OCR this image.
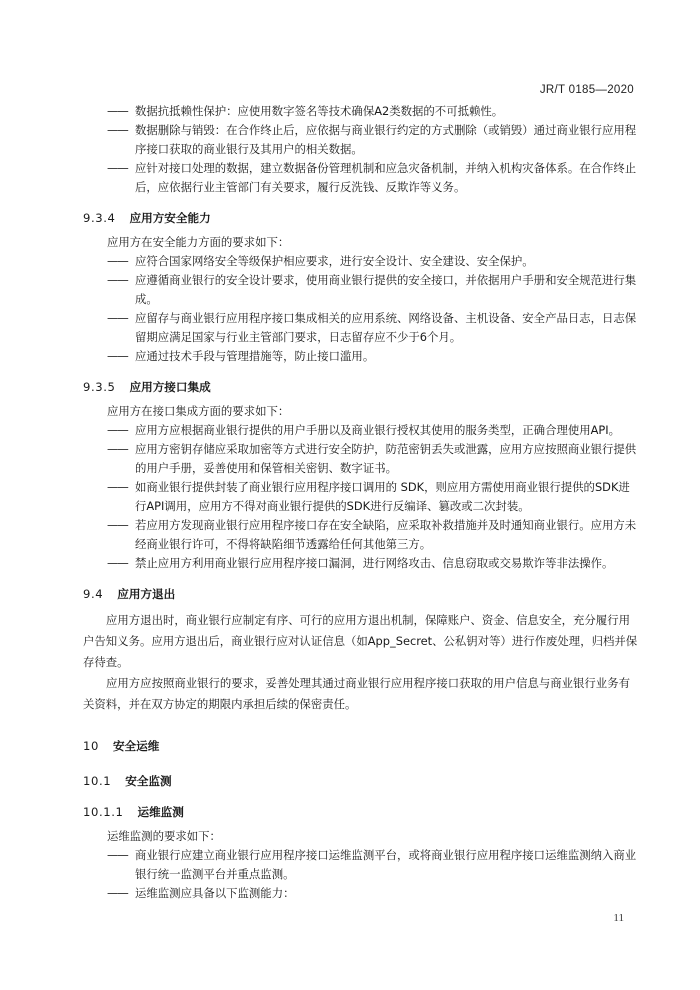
JR/T 0185—2020
—— 数据抗抵赖性保护：应使用数字签名等技术确保A2类数据的不可抵赖性。
—— 数据删除与销毁：在合作终止后，应依据与商业银行约定的方式删除（或销毁）通过商业银行应用程序接口获取的商业银行及其用户的相关数据。
—— 应针对接口处理的数据，建立数据备份管理机制和应急灾备机制，并纳入机构灾备体系。在合作终止后，应依据行业主管部门有关要求，履行反洗钱、反欺诈等义务。
9.3.4 应用方安全能力
应用方在安全能力方面的要求如下：
—— 应符合国家网络安全等级保护相应要求，进行安全设计、安全建设、安全保护。
—— 应遵循商业银行的安全设计要求，使用商业银行提供的安全接口，并依据用户手册和安全规范进行集成。
—— 应留存与商业银行应用程序接口集成相关的应用系统、网络设备、主机设备、安全产品日志，日志保留期应满足国家与行业主管部门要求，日志留存应不少于6个月。
—— 应通过技术手段与管理措施等，防止接口滥用。
9.3.5 应用方接口集成
应用方在接口集成方面的要求如下：
—— 应用方应根据商业银行提供的用户手册以及商业银行授权其使用的服务类型，正确合理使用API。
—— 应用方密钥存储应采取加密等方式进行安全防护，防范密钥丢失或泄露，应用方应按照商业银行提供的用户手册，妥善使用和保管相关密钥、数字证书。
—— 如商业银行提供封装了商业银行应用程序接口调用的 SDK，则应用方需使用商业银行提供的SDK进行API调用，应用方不得对商业银行提供的SDK进行反编译、篡改或二次封装。
—— 若应用方发现商业银行应用程序接口存在安全缺陷，应采取补救措施并及时通知商业银行。应用方未经商业银行许可，不得将缺陷细节透露给任何其他第三方。
—— 禁止应用方利用商业银行应用程序接口漏洞，进行网络攻击、信息窃取或交易欺诈等非法操作。
9.4 应用方退出
应用方退出时，商业银行应制定有序、可行的应用方退出机制，保障账户、资金、信息安全，充分履行用户告知义务。应用方退出后，商业银行应对认证信息（如App_Secret、公私钥对等）进行作废处理，归档并保存待查。
应用方应按照商业银行的要求，妥善处理其通过商业银行应用程序接口获取的用户信息与商业银行业务有关资料，并在双方协定的期限内承担后续的保密责任。
10 安全运维
10.1 安全监测
10.1.1 运维监测
运维监测的要求如下：
—— 商业银行应建立商业银行应用程序接口运维监测平台，或将商业银行应用程序接口运维监测纳入商业银行统一监测平台并重点监测。
—— 运维监测应具备以下监测能力：
11
